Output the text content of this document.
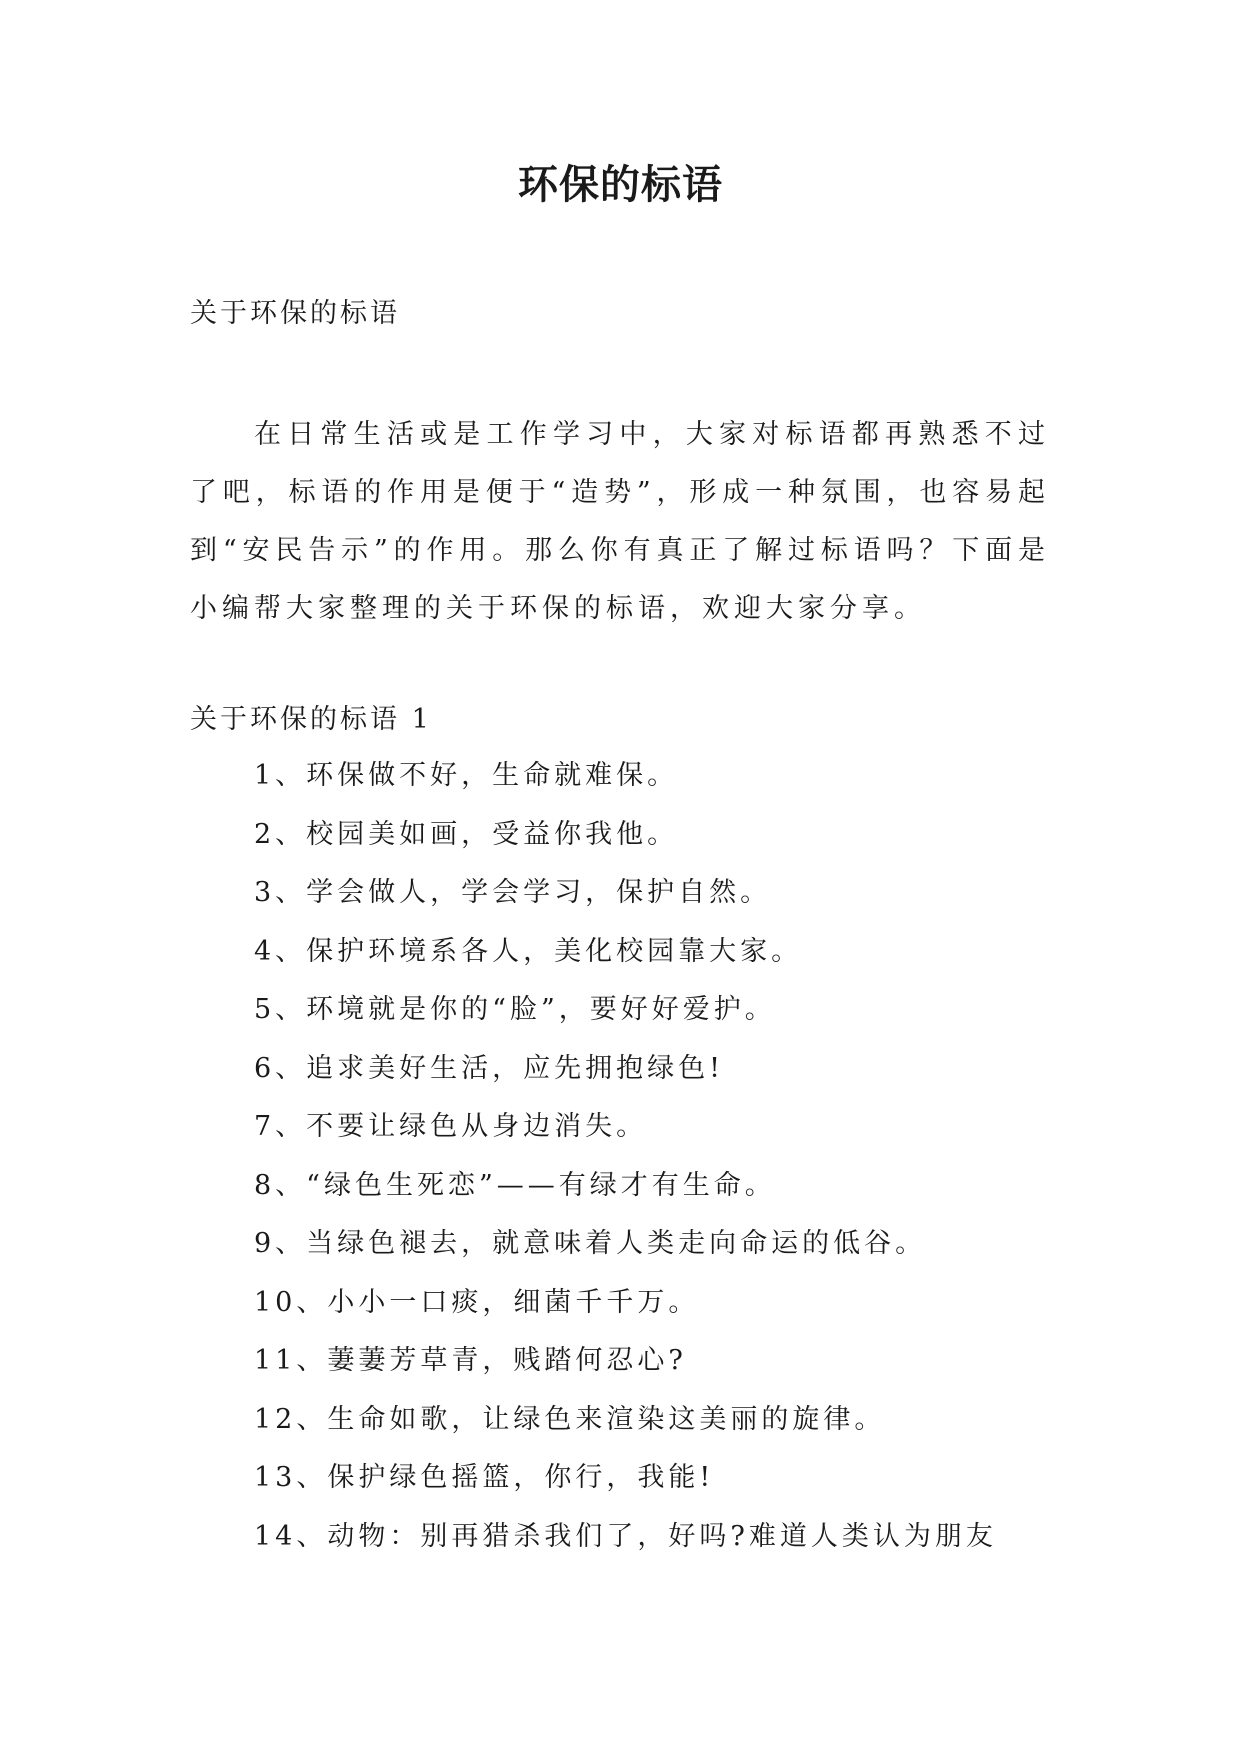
环保的标语
关于环保的标语

在日常生活或是工作学习中，大家对标语都再熟悉不过了吧，标语的作用是便于“造势”，形成一种氛围，也容易起到“安民告示”的作用。那么你有真正了解过标语吗？下面是小编帮大家整理的关于环保的标语，欢迎大家分享。

关于环保的标语 1
1、环保做不好，生命就难保。
2、校园美如画，受益你我他。
3、学会做人，学会学习，保护自然。
4、保护环境系各人，美化校园靠大家。
5、环境就是你的“脸”，要好好爱护。
6、追求美好生活，应先拥抱绿色!
7、不要让绿色从身边消失。
8、“绿色生死恋”——有绿才有生命。
9、当绿色褪去，就意味着人类走向命运的低谷。
10、小小一口痰，细菌千千万。
11、萋萋芳草青，贱踏何忍心?
12、生命如歌，让绿色来渲染这美丽的旋律。
13、保护绿色摇篮，你行，我能!
14、动物：别再猎杀我们了，好吗?难道人类认为朋友
